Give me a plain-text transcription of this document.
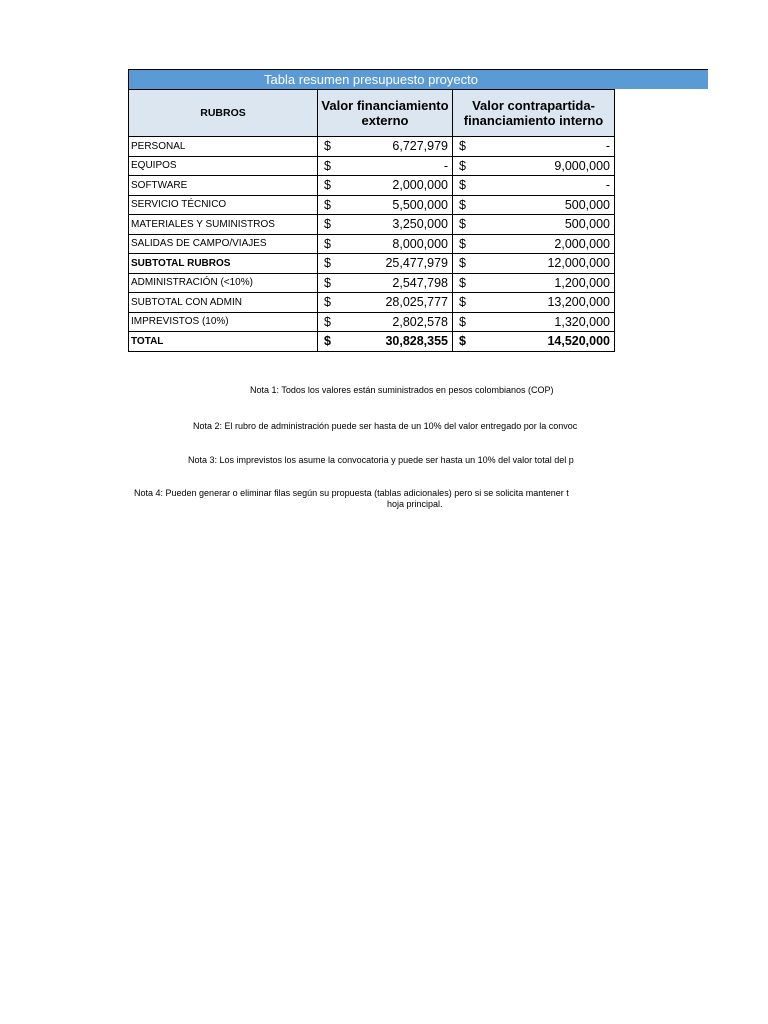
Tabla resumen presupuesto proyecto
RUBROS	Valor financiamiento externo	Valor contrapartida- financiamiento interno
PERSONAL	$ 6,727,979	$ -

EQUIPOS	$ -	$ 9,000,000

SOFTWARE	$ 2,000,000	$ -

SERVICIO TÉCNICO	$ 5,500,000	$ 500,000

MATERIALES Y SUMINISTROS	$ 3,250,000	$ 500,000

SALIDAS DE CAMPO/VIAJES	$ 8,000,000	$ 2,000,000

SUBTOTAL RUBROS	$ 25,477,979	$ 12,000,000

ADMINISTRACIÓN (<10%)	$ 2,547,798	$ 1,200,000

SUBTOTAL CON ADMIN	$ 28,025,777	$ 13,200,000

IMPREVISTOS (10%)	$ 2,802,578	$ 1,320,000

TOTAL	$ 30,828,355	$ 14,520,000
Nota 1: Todos los valores están suministrados en pesos colombianos (COP)
Nota 2: El rubro de administración puede ser hasta de un 10% del valor entregado por la convoc
Nota 3: Los imprevistos los asume la convocatoria y puede ser hasta un 10% del valor total del p
Nota 4: Pueden generar o eliminar filas según su propuesta (tablas adicionales) pero si se solicita mantener t
hoja principal.
